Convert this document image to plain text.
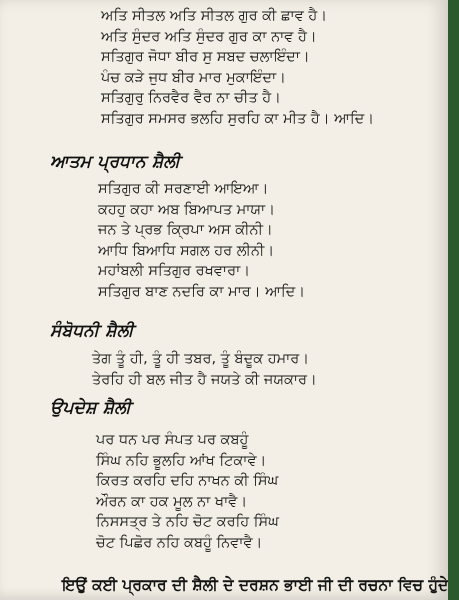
ਅਤਿ ਸੀਤਲ ਅਤਿ ਸੀਤਲ ਗੁਰ ਕੀ ਛਾਵ ਹੈ।
ਅਤਿ ਸੁੰਦਰ ਅਤਿ ਸੁੰਦਰ ਗੁਰ ਕਾ ਨਾਵ ਹੈ।
ਸਤਿਗੁਰ ਜੋਧਾ ਬੀਰ ਸੁ ਸਬਦ ਚਲਾਇੰਦਾ।
ਪੰਚ ਕੜੇ ਜੁਧ ਬੀਰ ਮਾਰ ਮੁਕਾਇੰਦਾ।
ਸਤਿਗੁਰੁ ਨਿਰਵੈਰ ਵੈਰ ਨਾ ਚੀਤ ਹੈ।
ਸਤਿਗੁਰ ਸਮਸਰ ਭਲਹਿ ਸੁਰਹਿ ਕਾ ਮੀਤ ਹੈ। ਆਦਿ।
ਆਤਮ ਪ੍ਰਧਾਨ ਸ਼ੈਲੀ
ਸਤਿਗੁਰ ਕੀ ਸਰਣਾਈ ਆਇਆ।
ਕਹਹੁ ਕਹਾ ਅਬ ਬਿਆਪਤ ਮਾਯਾ।
ਜਨ ਤੇ ਪ੍ਰਭ ਕ੍ਰਿਪਾ ਅਸ ਕੀਨੀ।
ਆਧਿ ਬਿਆਧਿ ਸਗਲ ਹਰ ਲੀਨੀ।
ਮਹਾਂਬਲੀ ਸਤਿਗੁਰ ਰਖਵਾਰਾ।
ਸਤਿਗੁਰ ਬਾਣ ਨਦਰਿ ਕਾ ਮਾਰ। ਆਦਿ।
ਸੰਬੋਧਨੀ ਸ਼ੈਲੀ
ਤੇਗ ਤੂੰ ਹੀ, ਤੂੰ ਹੀ ਤਬਰ, ਤੂੰ ਬੰਦੂਕ ਹਮਾਰ।
ਤੇਰਹਿ ਹੀ ਬਲ ਜੀਤ ਹੈ ਜਯਤੇ ਕੀ ਜਯਕਾਰ।
ਉਪਦੇਸ਼ ਸ਼ੈਲੀ
ਪਰ ਧਨ ਪਰ ਸੰਪਤ ਪਰ ਕਬਹੂੰ
ਸਿੰਘ ਨਹਿ ਭੂਲਹਿ ਆਂਖ ਟਿਕਾਵੇ।
ਕਿਰਤ ਕਰਹਿ ਦਹਿ ਨਾਖਨ ਕੀ ਸਿੰਘ
ਔਰਨ ਕਾ ਹਕ ਮੂਲ ਨਾ ਖਾਵੈ।
ਨਿਸਸਤ੍ਰ ਤੇ ਨਹਿ ਚੋਟ ਕਰਹਿ ਸਿੰਘ
ਚੋਟ ਪਿਛੋਰ ਨਹਿ ਕਬਹੂੰ ਨਿਵਾਵੈ।
ਇਉਂ ਕਈ ਪ੍ਰਕਾਰ ਦੀ ਸ਼ੈਲੀ ਦੇ ਦਰਸ਼ਨ ਭਾਈ ਜੀ ਦੀ ਰਚਨਾ ਵਿਚ ਹੁੰਦੇ
